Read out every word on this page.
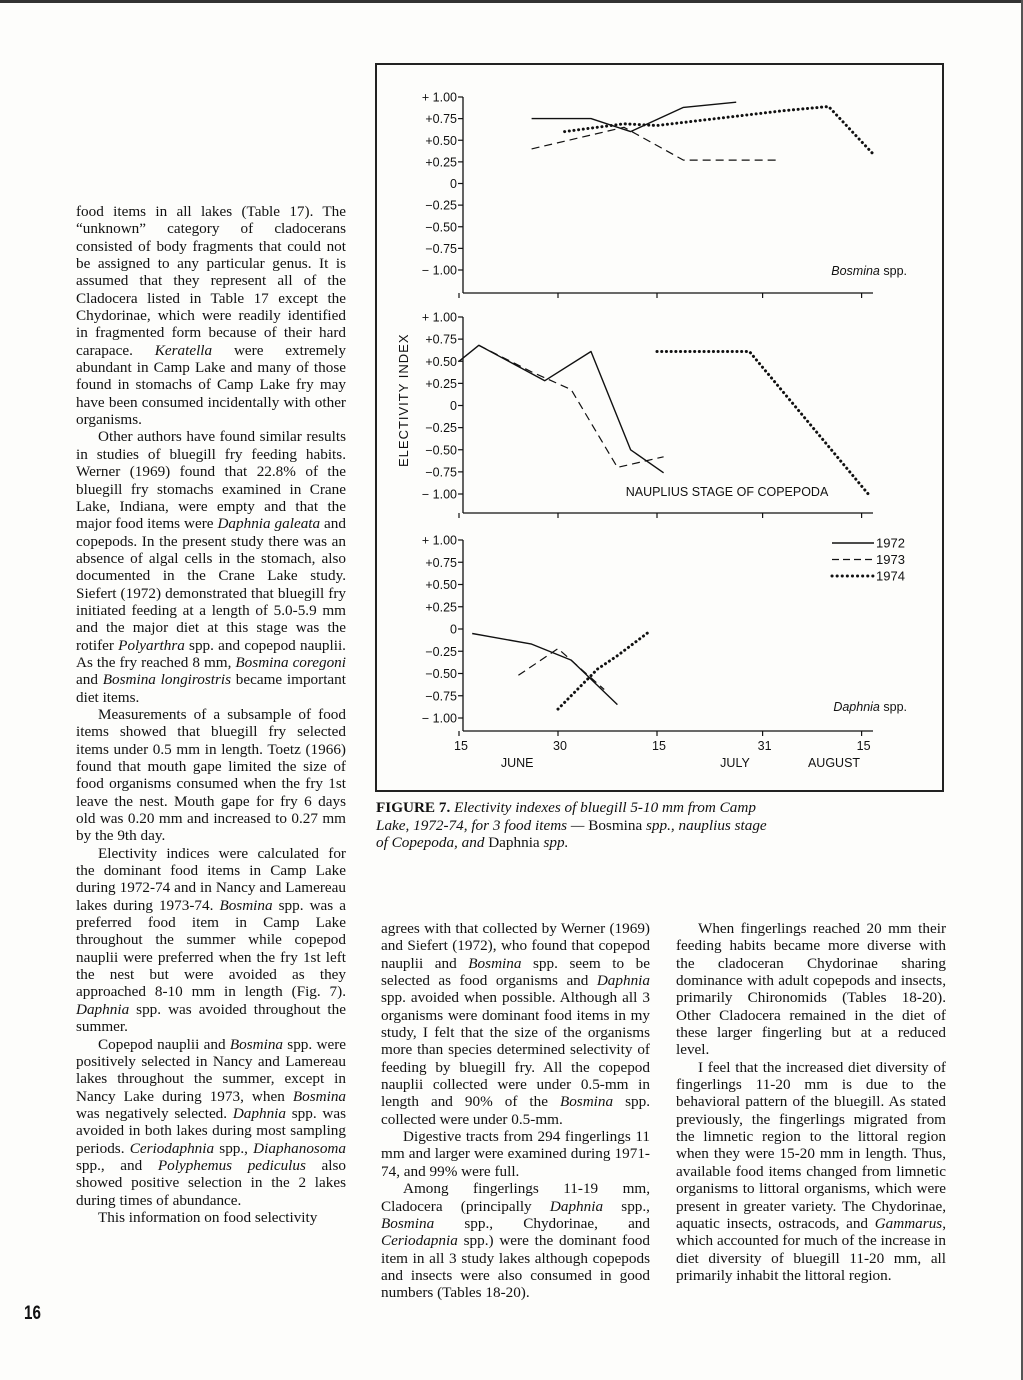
+ 1.00
+0.75
+0.50
+0.25
0
−0.25
−0.50
−0.75
− 1.00	Bosmina spp.
+ 1.00
+0.75
+0.50
+0.25
0
−0.25
−0.50
−0.75
− 1.00	NAUPLIUS STAGE OF COPEPODA
+ 1.00
+0.75
+0.50
+0.25
0
−0.25
−0.50
−0.75
− 1.00
Daphnia spp.
ELECTIVITY INDEX
15	30	15	31	15
JUNE	JULY	AUGUST
1972
1973
1974
FIGURE 7. Electivity indexes of bluegill 5-10 mm from Camp Lake, 1972-74, for 3 food items — Bosmina spp., nauplius stage of Copepoda, and Daphnia spp.

food items in all lakes (Table 17). The “unknown” category of cladocerans consisted of body fragments that could not be assigned to any particular genus. It is assumed that they represent all of the Cladocera listed in Table 17 except the Chydorinae, which were readily identified in fragmented form because of their hard carapace. Keratella were extremely abundant in Camp Lake and many of those found in stomachs of Camp Lake fry may have been consumed incidentally with other organisms.

Other authors have found similar results in studies of bluegill fry feeding habits. Werner (1969) found that 22.8% of the bluegill fry stomachs examined in Crane Lake, Indiana, were empty and that the major food items were Daphnia galeata and copepods. In the present study there was an absence of algal cells in the stomach, also documented in the Crane Lake study. Siefert (1972) demonstrated that bluegill fry initiated feeding at a length of 5.0-5.9 mm and the major diet at this stage was the rotifer Polyarthra spp. and copepod nauplii. As the fry reached 8 mm, Bosmina coregoni and Bosmina longirostris became important diet items.

Measurements of a subsample of food items showed that bluegill fry selected items under 0.5 mm in length. Toetz (1966) found that mouth gape limited the size of food organisms consumed when the fry 1st leave the nest. Mouth gape for fry 6 days old was 0.20 mm and increased to 0.27 mm by the 9th day.

Electivity indices were calculated for the dominant food items in Camp Lake during 1972-74 and in Nancy and Lamereau lakes during 1973-74. Bosmina spp. was a preferred food item in Camp Lake throughout the summer while copepod nauplii were preferred when the fry 1st left the nest but were avoided as they approached 8-10 mm in length (Fig. 7). Daphnia spp. was avoided throughout the summer.

Copepod nauplii and Bosmina spp. were positively selected in Nancy and Lamereau lakes throughout the summer, except in Nancy Lake during 1973, when Bosmina was negatively selected. Daphnia spp. was avoided in both lakes during most sampling periods. Ceriodaphnia spp., Diaphanosoma spp., and Polyphemus pediculus also showed positive selection in the 2 lakes during times of abundance.

This information on food selectivity

agrees with that collected by Werner (1969) and Siefert (1972), who found that copepod nauplii and Bosmina spp. seem to be selected as food organisms and Daphnia spp. avoided when possible. Although all 3 organisms were dominant food items in my study, I felt that the size of the organisms more than species determined selectivity of feeding by bluegill fry. All the copepod nauplii collected were under 0.5-mm in length and 90% of the Bosmina spp. collected were under 0.5-mm.

Digestive tracts from 294 fingerlings 11 mm and larger were examined during 1971-74, and 99% were full.

Among fingerlings 11-19 mm, Cladocera (principally Daphnia spp., Bosmina spp., Chydorinae, and Ceriodapnia spp.) were the dominant food item in all 3 study lakes although copepods and insects were also consumed in good numbers (Tables 18-20).

When fingerlings reached 20 mm their feeding habits became more diverse with the cladoceran Chydorinae sharing dominance with adult copepods and insects, primarily Chironomids (Tables 18-20). Other Cladocera remained in the diet of these larger fingerling but at a reduced level.

I feel that the increased diet diversity of fingerlings 11-20 mm is due to the behavioral pattern of the bluegill. As stated previously, the fingerlings migrated from the limnetic region to the littoral region when they were 15-20 mm in length. Thus, available food items changed from limnetic organisms to littoral organisms, which were present in greater variety. The Chydorinae, aquatic insects, ostracods, and Gammarus, which accounted for much of the increase in diet diversity of bluegill 11-20 mm, all primarily inhabit the littoral region.

16
